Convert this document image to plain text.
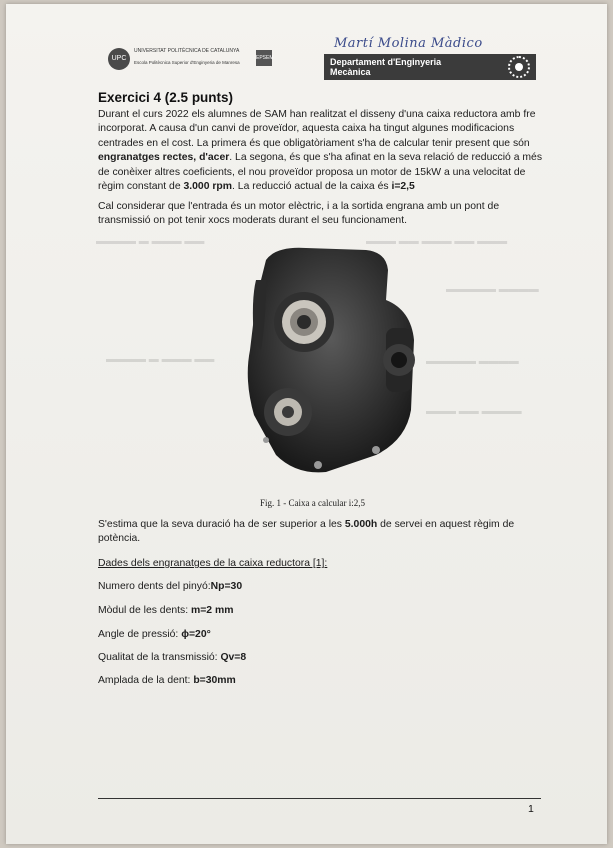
Martí Molina Màdico
UPC
UNIVERSITAT POLITÈCNICA DE CATALUNYA
Escola Politècnica Superior d'Enginyeria de Manresa
EPSEM	Departament d'Enginyeria
Mecànica
Exercici 4 (2.5 punts)
Durant el curs 2022 els alumnes de SAM han realitzat el disseny d'una caixa reductora amb fre incorporat. A causa d'un canvi de proveïdor, aquesta caixa ha tingut algunes modificacions centrades en el cost. La primera és que obligatòriament s'ha de calcular tenir present que són engranatges rectes, d'acer. La segona, és que s'ha afinat en la seva relació de reducció a més de conèixer altres coeficients, el nou proveïdor proposa un motor de 15kW a una velocitat de règim constant de 3.000 rpm. La reducció actual de la caixa és i=2,5
Cal considerar que l'entrada és un motor elèctric, i a la sortida engrana amb un pont de transmissió on pot tenir xocs moderats durant el seu funcionament.
▬▬▬ ▬▬ ▬▬▬ ▬▬ ▬▬▬
▬▬ ▬▬▬ ▬ ▬▬▬▬
▬▬▬▬ ▬▬▬▬▬
▬▬ ▬▬▬ ▬ ▬▬▬▬	▬▬▬▬ ▬▬▬▬▬
▬▬▬▬ ▬▬ ▬▬▬
Fig. 1 - Caixa a calcular i:2,5
S'estima que la seva duració ha de ser superior a les 5.000h de servei en aquest règim de potència.
Dades dels engranatges de la caixa reductora [1]:
Numero dents del pinyó:Np=30
Mòdul de les dents: m=2 mm
Angle de pressió: ϕ=20°
Qualitat de la transmissió: Qv=8
Amplada de la dent: b=30mm
1
